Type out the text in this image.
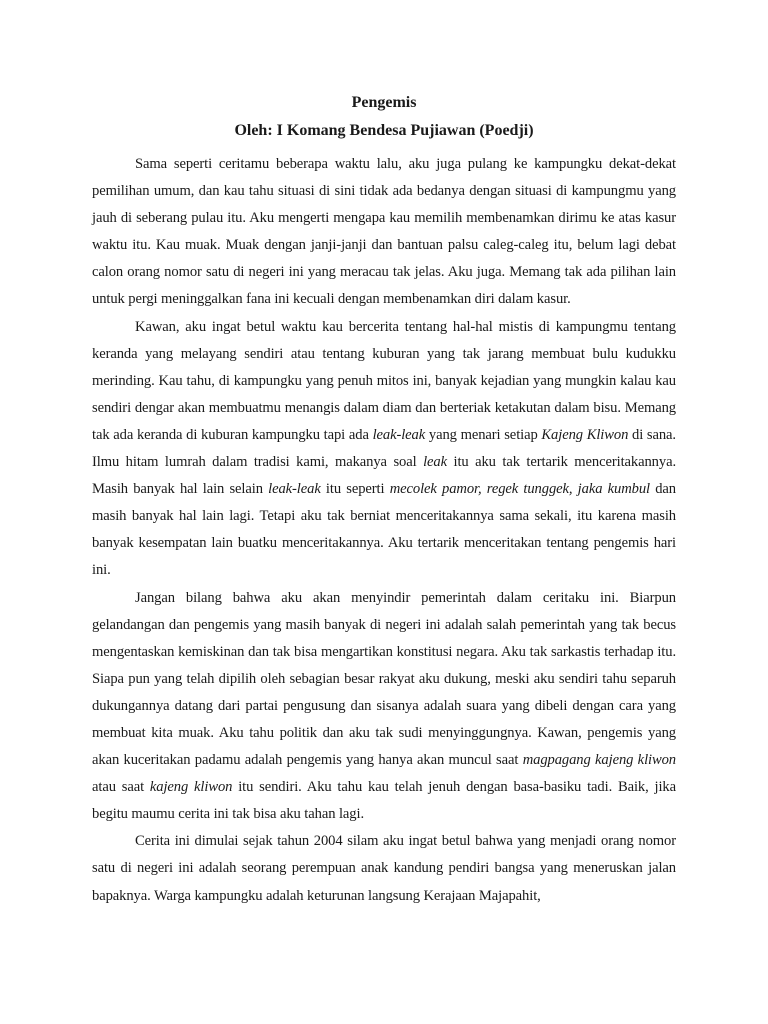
Pengemis
Oleh: I Komang Bendesa Pujiawan (Poedji)

Sama seperti ceritamu beberapa waktu lalu, aku juga pulang ke kampungku dekat-dekat pemilihan umum, dan kau tahu situasi di sini tidak ada bedanya dengan situasi di kampungmu yang jauh di seberang pulau itu. Aku mengerti mengapa kau memilih membenamkan dirimu ke atas kasur waktu itu. Kau muak. Muak dengan janji-janji dan bantuan palsu caleg-caleg itu, belum lagi debat calon orang nomor satu di negeri ini yang meracau tak jelas. Aku juga. Memang tak ada pilihan lain untuk pergi meninggalkan fana ini kecuali dengan membenamkan diri dalam kasur.

Kawan, aku ingat betul waktu kau bercerita tentang hal-hal mistis di kampungmu tentang keranda yang melayang sendiri atau tentang kuburan yang tak jarang membuat bulu kudukku merinding. Kau tahu, di kampungku yang penuh mitos ini, banyak kejadian yang mungkin kalau kau sendiri dengar akan membuatmu menangis dalam diam dan berteriak ketakutan dalam bisu. Memang tak ada keranda di kuburan kampungku tapi ada leak-leak yang menari setiap Kajeng Kliwon di sana. Ilmu hitam lumrah dalam tradisi kami, makanya soal leak itu aku tak tertarik menceritakannya. Masih banyak hal lain selain leak-leak itu seperti mecolek pamor, regek tunggek, jaka kumbul dan masih banyak hal lain lagi. Tetapi aku tak berniat menceritakannya sama sekali, itu karena masih banyak kesempatan lain buatku menceritakannya. Aku tertarik menceritakan tentang pengemis hari ini.

Jangan bilang bahwa aku akan menyindir pemerintah dalam ceritaku ini. Biarpun gelandangan dan pengemis yang masih banyak di negeri ini adalah salah pemerintah yang tak becus mengentaskan kemiskinan dan tak bisa mengartikan konstitusi negara. Aku tak sarkastis terhadap itu. Siapa pun yang telah dipilih oleh sebagian besar rakyat aku dukung, meski aku sendiri tahu separuh dukungannya datang dari partai pengusung dan sisanya adalah suara yang dibeli dengan cara yang membuat kita muak. Aku tahu politik dan aku tak sudi menyinggungnya. Kawan, pengemis yang akan kuceritakan padamu adalah pengemis yang hanya akan muncul saat magpagang kajeng kliwon atau saat kajeng kliwon itu sendiri. Aku tahu kau telah jenuh dengan basa-basiku tadi. Baik, jika begitu maumu cerita ini tak bisa aku tahan lagi.

Cerita ini dimulai sejak tahun 2004 silam aku ingat betul bahwa yang menjadi orang nomor satu di negeri ini adalah seorang perempuan anak kandung pendiri bangsa yang meneruskan jalan bapaknya. Warga kampungku adalah keturunan langsung Kerajaan Majapahit,
